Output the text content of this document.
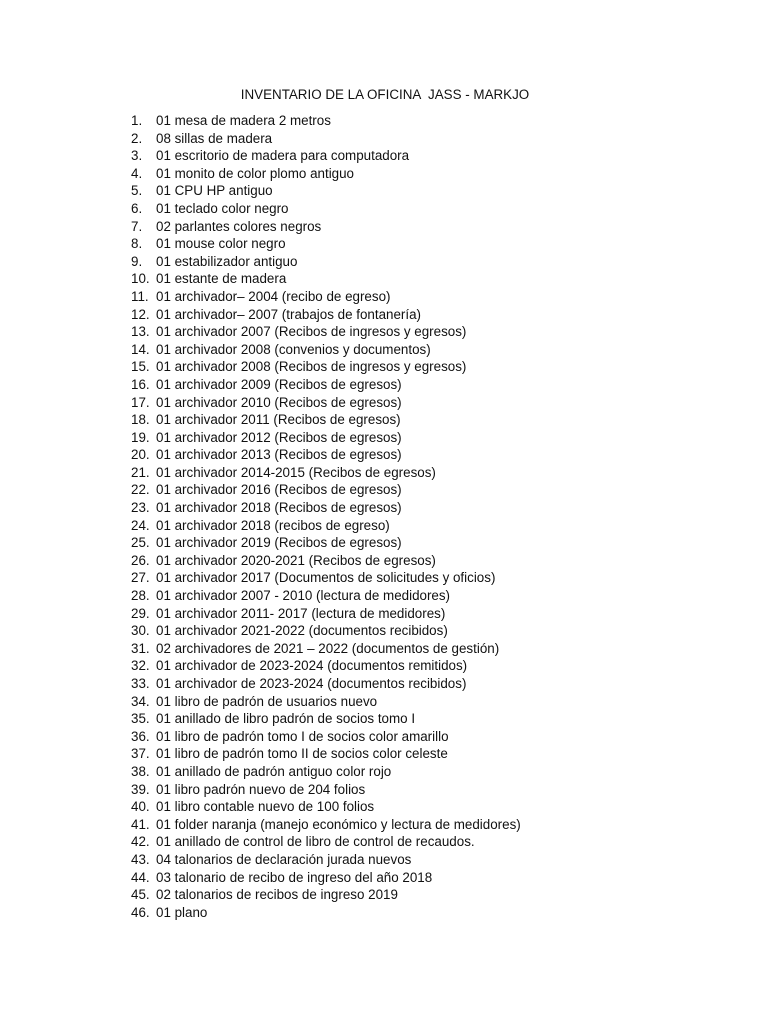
INVENTARIO DE LA OFICINA  JASS - MARKJO
1.	01 mesa de madera 2 metros
2.	08 sillas de madera
3.	01 escritorio de madera para computadora
4.	01 monito de color plomo antiguo
5.	01 CPU HP antiguo
6.	01 teclado color negro
7.	02 parlantes colores negros
8.	01 mouse color negro
9.	01 estabilizador antiguo
10. 01 estante de madera
11. 01 archivador– 2004 (recibo de egreso)
12. 01 archivador– 2007 (trabajos de fontanería)
13. 01 archivador 2007 (Recibos de ingresos y egresos)
14. 01 archivador 2008 (convenios y documentos)
15. 01 archivador 2008 (Recibos de ingresos y egresos)
16. 01 archivador 2009 (Recibos de egresos)
17. 01 archivador 2010 (Recibos de egresos)
18. 01 archivador 2011 (Recibos de egresos)
19. 01 archivador 2012 (Recibos de egresos)
20. 01 archivador 2013 (Recibos de egresos)
21. 01 archivador 2014-2015 (Recibos de egresos)
22. 01 archivador 2016 (Recibos de egresos)
23. 01 archivador 2018 (Recibos de egresos)
24. 01 archivador 2018 (recibos de egreso)
25. 01 archivador 2019 (Recibos de egresos)
26. 01 archivador 2020-2021 (Recibos de egresos)
27. 01 archivador 2017 (Documentos de solicitudes y oficios)
28. 01 archivador 2007 - 2010 (lectura de medidores)
29. 01 archivador 2011- 2017 (lectura de medidores)
30. 01 archivador 2021-2022 (documentos recibidos)
31. 02 archivadores de 2021 – 2022 (documentos de gestión)
32. 01 archivador de 2023-2024 (documentos remitidos)
33. 01 archivador de 2023-2024 (documentos recibidos)
34. 01 libro de padrón de usuarios nuevo
35. 01 anillado de libro padrón de socios tomo I
36. 01 libro de padrón tomo I de socios color amarillo
37. 01 libro de padrón tomo II de socios color celeste
38. 01 anillado de padrón antiguo color rojo
39. 01 libro padrón nuevo de 204 folios
40. 01 libro contable nuevo de 100 folios
41. 01 folder naranja (manejo económico y lectura de medidores)
42. 01 anillado de control de libro de control de recaudos.
43. 04 talonarios de declaración jurada nuevos
44. 03 talonario de recibo de ingreso del año 2018
45. 02 talonarios de recibos de ingreso 2019
46. 01 plano
